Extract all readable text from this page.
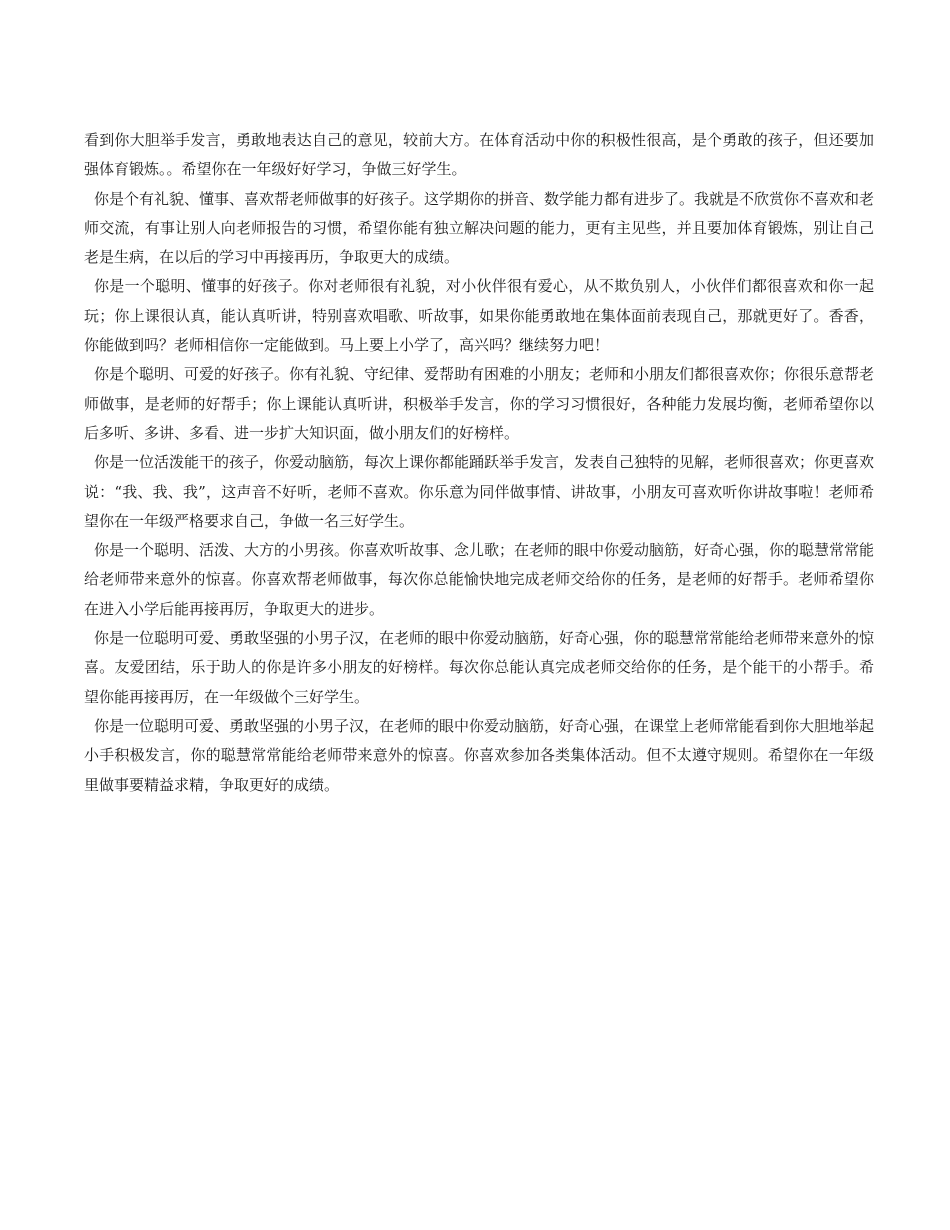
看到你大胆举手发言，勇敢地表达自己的意见，较前大方。在体育活动中你的积极性很高，是个勇敢的孩子，但还要加强体育锻炼。。希望你在一年级好好学习，争做三好学生。

你是个有礼貌、懂事、喜欢帮老师做事的好孩子。这学期你的拼音、数学能力都有进步了。我就是不欣赏你不喜欢和老师交流，有事让别人向老师报告的习惯，希望你能有独立解决问题的能力，更有主见些，并且要加体育锻炼，别让自己老是生病，在以后的学习中再接再历，争取更大的成绩。

你是一个聪明、懂事的好孩子。你对老师很有礼貌，对小伙伴很有爱心，从不欺负别人，小伙伴们都很喜欢和你一起玩；你上课很认真，能认真听讲，特别喜欢唱歌、听故事，如果你能勇敢地在集体面前表现自己，那就更好了。香香，你能做到吗？老师相信你一定能做到。马上要上小学了，高兴吗？继续努力吧！

你是个聪明、可爱的好孩子。你有礼貌、守纪律、爱帮助有困难的小朋友；老师和小朋友们都很喜欢你；你很乐意帮老师做事，是老师的好帮手；你上课能认真听讲，积极举手发言，你的学习习惯很好，各种能力发展均衡，老师希望你以后多听、多讲、多看、进一步扩大知识面，做小朋友们的好榜样。

你是一位活泼能干的孩子，你爱动脑筋，每次上课你都能踊跃举手发言，发表自己独特的见解，老师很喜欢；你更喜欢说：“我、我、我”，这声音不好听，老师不喜欢。你乐意为同伴做事情、讲故事，小朋友可喜欢听你讲故事啦！老师希望你在一年级严格要求自己，争做一名三好学生。

你是一个聪明、活泼、大方的小男孩。你喜欢听故事、念儿歌；在老师的眼中你爱动脑筋，好奇心强，你的聪慧常常能给老师带来意外的惊喜。你喜欢帮老师做事，每次你总能愉快地完成老师交给你的任务，是老师的好帮手。老师希望你在进入小学后能再接再厉，争取更大的进步。

你是一位聪明可爱、勇敢坚强的小男子汉，在老师的眼中你爱动脑筋，好奇心强，你的聪慧常常能给老师带来意外的惊喜。友爱团结，乐于助人的你是许多小朋友的好榜样。每次你总能认真完成老师交给你的任务，是个能干的小帮手。希望你能再接再厉，在一年级做个三好学生。

你是一位聪明可爱、勇敢坚强的小男子汉，在老师的眼中你爱动脑筋，好奇心强，在课堂上老师常能看到你大胆地举起小手积极发言，你的聪慧常常能给老师带来意外的惊喜。你喜欢参加各类集体活动。但不太遵守规则。希望你在一年级里做事要精益求精，争取更好的成绩。
